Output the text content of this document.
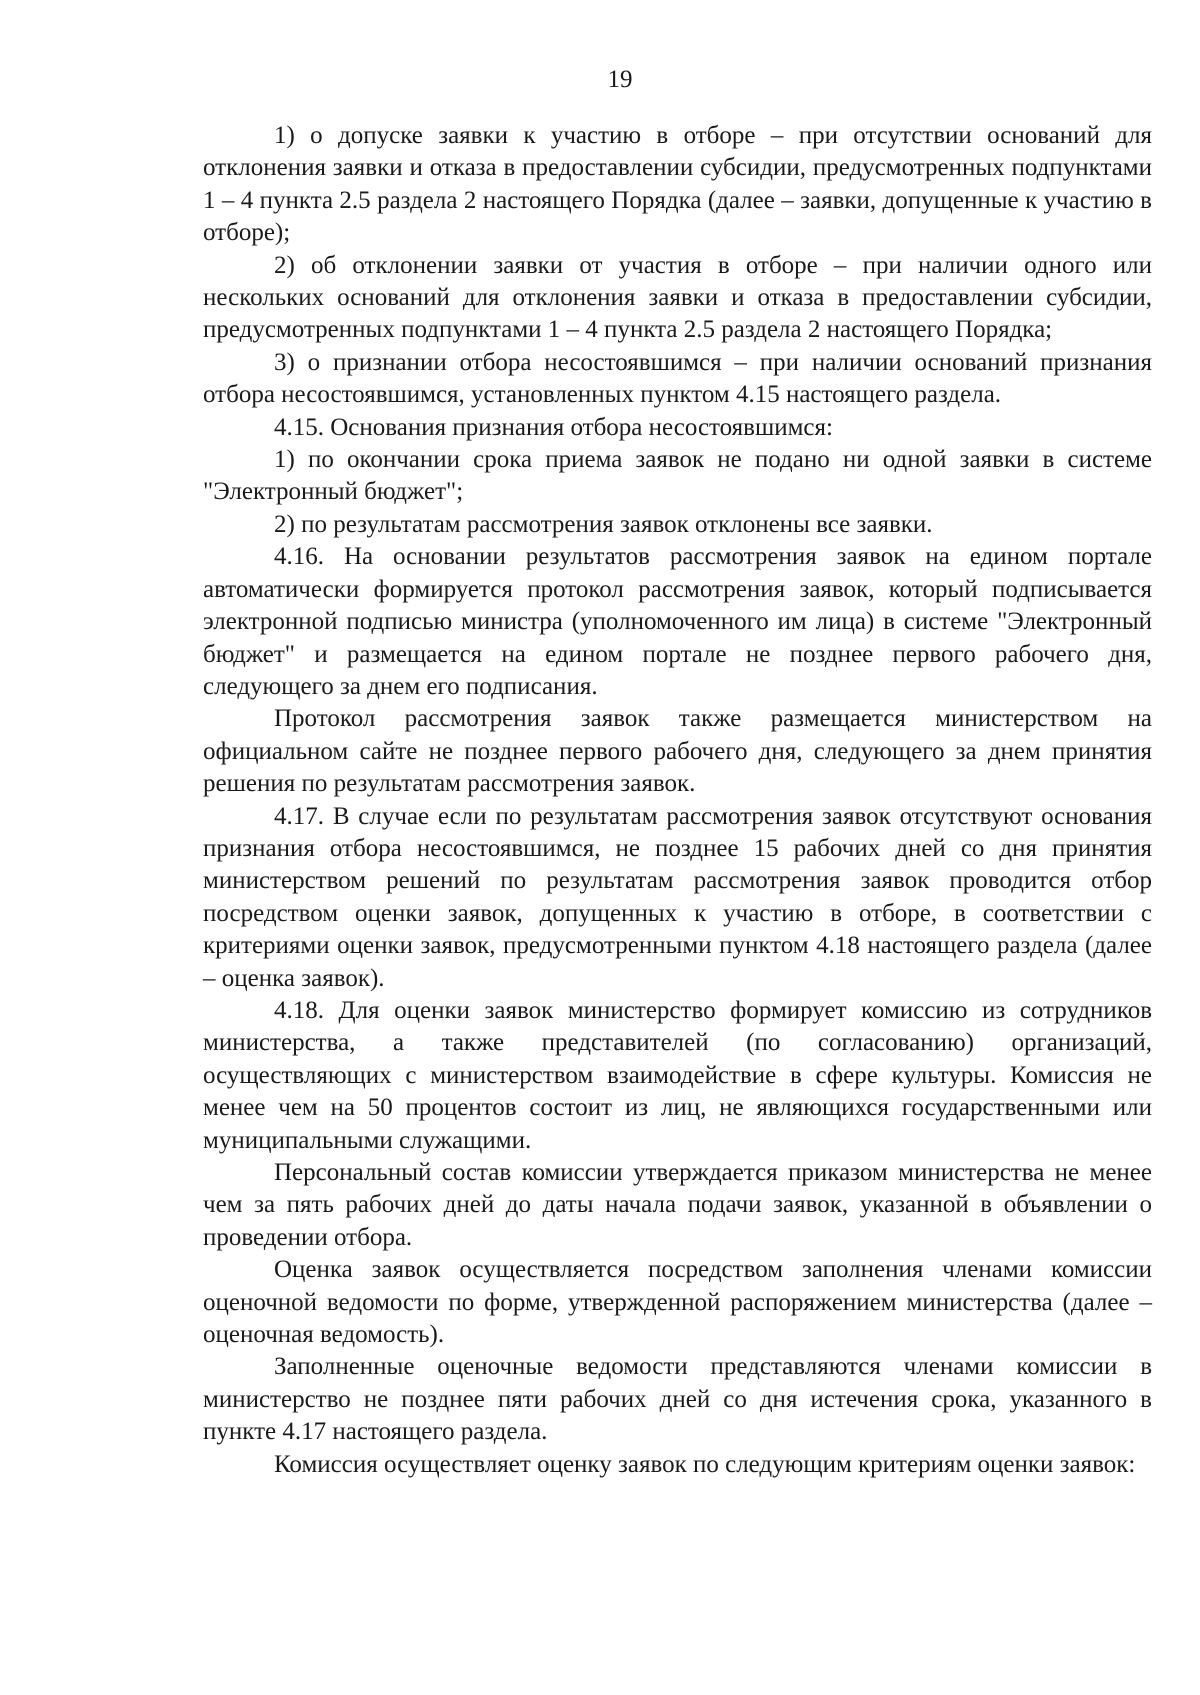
19

1) о допуске заявки к участию в отборе – при отсутствии оснований для отклонения заявки и отказа в предоставлении субсидии, предусмотренных подпунктами 1 – 4 пункта 2.5 раздела 2 настоящего Порядка (далее – заявки, допущенные к участию в отборе);

2) об отклонении заявки от участия в отборе – при наличии одного или нескольких оснований для отклонения заявки и отказа в предоставлении субсидии, предусмотренных подпунктами 1 – 4 пункта 2.5 раздела 2 настоящего Порядка;

3) о признании отбора несостоявшимся – при наличии оснований признания отбора несостоявшимся, установленных пунктом 4.15 настоящего раздела.

4.15. Основания признания отбора несостоявшимся:

1) по окончании срока приема заявок не подано ни одной заявки в системе "Электронный бюджет";

2) по результатам рассмотрения заявок отклонены все заявки.

4.16. На основании результатов рассмотрения заявок на едином портале автоматически формируется протокол рассмотрения заявок, который подписывается электронной подписью министра (уполномоченного им лица) в системе "Электронный бюджет" и размещается на едином портале не позднее первого рабочего дня, следующего за днем его подписания.

Протокол рассмотрения заявок также размещается министерством на официальном сайте не позднее первого рабочего дня, следующего за днем принятия решения по результатам рассмотрения заявок.

4.17. В случае если по результатам рассмотрения заявок отсутствуют основания признания отбора несостоявшимся, не позднее 15 рабочих дней со дня принятия министерством решений по результатам рассмотрения заявок проводится отбор посредством оценки заявок, допущенных к участию в отборе, в соответствии с критериями оценки заявок, предусмотренными пунктом 4.18 настоящего раздела (далее – оценка заявок).

4.18. Для оценки заявок министерство формирует комиссию из сотрудников министерства, а также представителей (по согласованию) организаций, осуществляющих с министерством взаимодействие в сфере культуры. Комиссия не менее чем на 50 процентов состоит из лиц, не являющихся государственными или муниципальными служащими.

Персональный состав комиссии утверждается приказом министерства не менее чем за пять рабочих дней до даты начала подачи заявок, указанной в объявлении о проведении отбора.

Оценка заявок осуществляется посредством заполнения членами комиссии оценочной ведомости по форме, утвержденной распоряжением министерства (далее – оценочная ведомость).

Заполненные оценочные ведомости представляются членами комиссии в министерство не позднее пяти рабочих дней со дня истечения срока, указанного в пункте 4.17 настоящего раздела.

Комиссия осуществляет оценку заявок по следующим критериям оценки заявок:
